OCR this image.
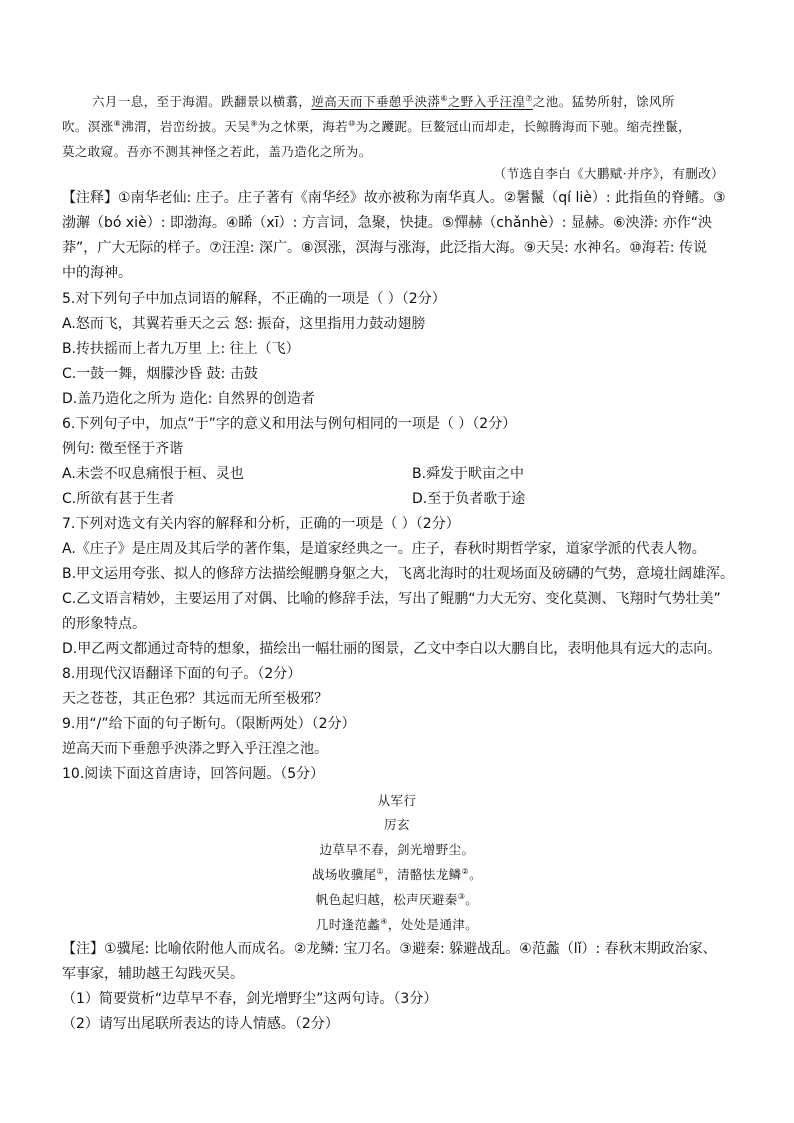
六月一息，至于海湄。跌翻景以横翥，逆高天而下垂憩乎泱漭⑥之野入乎汪湟⑦之池。猛势所射，馀风所
吹。溟涨⑧沸渭，岩峦纷披。天吴⑨为之怵栗，海若⑩为之躨跜。巨鳌冠山而却走，长鲸腾海而下驰。缩壳挫鬣，
莫之敢窥。吾亦不测其神怪之若此，盖乃造化之所为。
（节选自李白《大鹏赋·并序》，有删改）
【注释】①南华老仙: 庄子。庄子著有《南华经》故亦被称为南华真人。②䰇鬣（qí liè）: 此指鱼的脊鳍。③
渤澥（bó xiè）: 即渤海。④睎（xī）: 方言词，急聚，快捷。⑤憚赫（chǎnhè）: 显赫。⑥泱漭: 亦作“泱
莽”，广大无际的样子。⑦汪湟: 深广。⑧溟涨，溟海与涨海，此泛指大海。⑨天吴: 水神名。⑩海若: 传说
中的海神。
5.对下列句子中加点词语的解释，不正确的一项是（ ）（2分）
A.怒而飞，其翼若垂天之云 怒: 振奋，这里指用力鼓动翅膀
B.抟扶摇而上者九万里 上: 往上（飞）
C.一鼓一舞，烟朦沙昏 鼓: 击鼓
D.盖乃造化之所为 造化: 自然界的创造者
6.下列句子中，加点“于”字的意义和用法与例句相同的一项是（ ）（2分）
例句: 徵至怪于齐谐
A.未尝不叹息痛恨于桓、灵也	B.舜发于畎亩之中
C.所欲有甚于生者	D.至于负者歌于途
7.下列对选文有关内容的解释和分析，正确的一项是（ ）（2分）
A.《庄子》是庄周及其后学的著作集，是道家经典之一。庄子，春秋时期哲学家，道家学派的代表人物。
B.甲文运用夸张、拟人的修辞方法描绘鲲鹏身躯之大，飞离北海时的壮观场面及磅礴的气势，意境壮阔雄浑。
C.乙文语言精妙，主要运用了对偶、比喻的修辞手法，写出了鲲鹏“力大无穷、变化莫测、飞翔时气势壮美”
的形象特点。
D.甲乙两文都通过奇特的想象，描绘出一幅壮丽的图景，乙文中李白以大鹏自比，表明他具有远大的志向。
8.用现代汉语翻译下面的句子。（2分）
天之苍苍，其正色邪？其远而无所至极邪？
9.用“/”给下面的句子断句。（限断两处）（2分）
逆高天而下垂憩乎泱漭之野入乎汪湟之池。
10.阅读下面这首唐诗，回答问题。（5分）
从军行
厉玄
边草早不春，剑光增野尘。
战场收骥尾①，清骼怯龙鳞②。
帆色起归越，松声厌避秦③。
几时逢范蠡④，处处是通津。
【注】①骥尾: 比喻依附他人而成名。②龙鳞: 宝刀名。③避秦: 躲避战乱。④范蠡（lǐ）: 春秋末期政治家、
军事家，辅助越王勾践灭吴。
（1）简要赏析“边草早不春，剑光增野尘”这两句诗。（3分）
（2）请写出尾联所表达的诗人情感。（2分）
